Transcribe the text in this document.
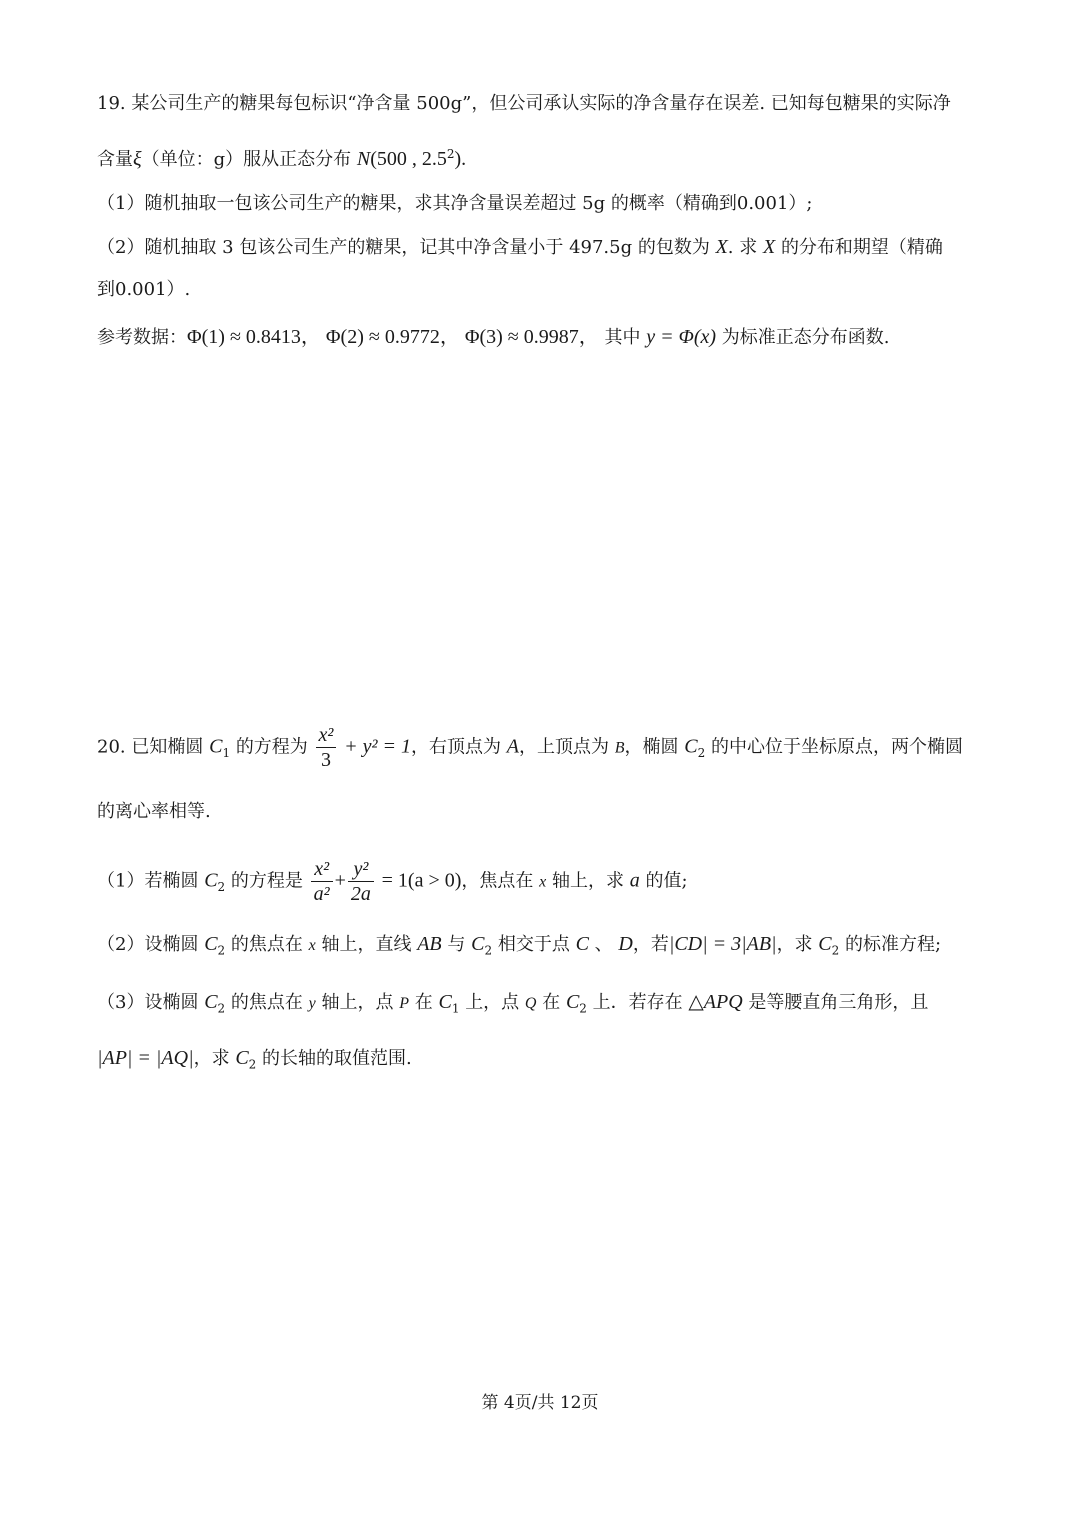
19. 某公司生产的糖果每包标识“净含量 500g”，但公司承认实际的净含量存在误差. 已知每包糖果的实际净
含量ξ（单位：g）服从正态分布 N(500 , $2.5^2$).
（1）随机抽取一包该公司生产的糖果，求其净含量误差超过 5g 的概率（精确到0.001）;
（2）随机抽取 3 包该公司生产的糖果，记其中净含量小于 497.5g 的包数为 X. 求 X 的分布和期望（精确
到0.001）.
参考数据：Φ(1) ≈ 0.8413， Φ(2) ≈ 0.9772， Φ(3) ≈ 0.9987， 其中 y = Φ(x) 为标准正态分布函数.
20. 已知椭圆 $C_1$ 的方程为 $\frac{\text{x²}}{3} + y^2 = 1$，右顶点为 A，上顶点为 B，椭圆 $C_2$ 的中心位于坐标原点，两个椭圆
的离心率相等.
（1）若椭圆 $C_2$ 的方程是 $\frac{\text{x²}}{\text{a²}} + \frac{\text{y²}}{2a} = 1(a > 0)$，焦点在 x 轴上，求 a 的值;
（2）设椭圆 $C_2$ 的焦点在 x 轴上，直线 AB 与 $C_2$ 相交于点 C 、 D，若|CD| = 3|AB|，求 $C_2$ 的标准方程;
（3）设椭圆 $C_2$ 的焦点在 y 轴上，点 P 在 $C_1$ 上，点 Q 在 $C_2$ 上．若存在 △APQ 是等腰直角三角形，且
|AP| = |AQ|，求 $C_2$ 的长轴的取值范围.
第 4页/共 12页
